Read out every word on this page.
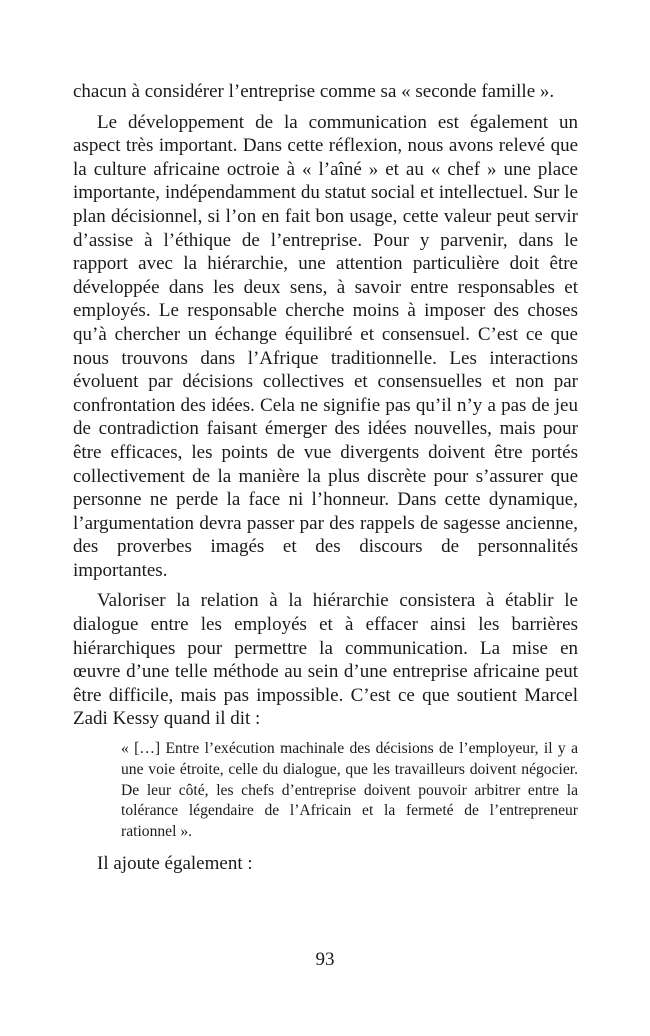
chacun à considérer l’entreprise comme sa « seconde famille ».

Le développement de la communication est également un aspect très important. Dans cette réflexion, nous avons relevé que la culture africaine octroie à « l’aîné » et au « chef » une place importante, indépendamment du statut social et intellectuel. Sur le plan décisionnel, si l’on en fait bon usage, cette valeur peut servir d’assise à l’éthique de l’entreprise. Pour y parvenir, dans le rapport avec la hiérarchie, une attention particulière doit être développée dans les deux sens, à savoir entre responsables et employés. Le responsable cherche moins à imposer des choses qu’à chercher un échange équilibré et consensuel. C’est ce que nous trouvons dans l’Afrique traditionnelle. Les interactions évoluent par décisions collectives et consensuelles et non par confrontation des idées. Cela ne signifie pas qu’il n’y a pas de jeu de contradiction faisant émerger des idées nouvelles, mais pour être efficaces, les points de vue divergents doivent être portés collectivement de la manière la plus discrète pour s’assurer que personne ne perde la face ni l’honneur. Dans cette dynamique, l’argumentation devra passer par des rappels de sagesse ancienne, des proverbes imagés et des discours de personnalités importantes.

Valoriser la relation à la hiérarchie consistera à établir le dialogue entre les employés et à effacer ainsi les barrières hiérarchiques pour permettre la communication. La mise en œuvre d’une telle méthode au sein d’une entreprise africaine peut être difficile, mais pas impossible. C’est ce que soutient Marcel Zadi Kessy quand il dit :

« […] Entre l’exécution machinale des décisions de l’employeur, il y a une voie étroite, celle du dialogue, que les travailleurs doivent négocier. De leur côté, les chefs d’entreprise doivent pouvoir arbitrer entre la tolérance légendaire de l’Africain et la fermeté de l’entrepreneur rationnel ».

Il ajoute également :

93
